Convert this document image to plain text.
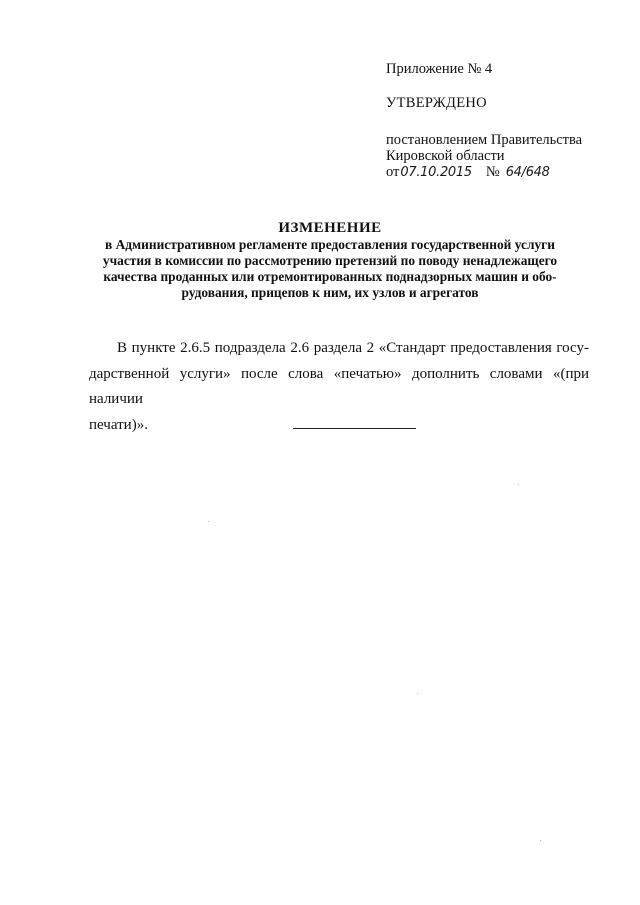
Приложение № 4
УТВЕРЖДЕНО
постановлением Правительства
Кировской области
от07.10.2015 № 64/648
ИЗМЕНЕНИЕ
в Административном регламенте предоставления государственной услуги
участия в комиссии по рассмотрению претензий по поводу ненадлежащего
качества проданных или отремонтированных поднадзорных машин и обо-
рудования, прицепов к ним, их узлов и агрегатов
В пункте 2.6.5 подраздела 2.6 раздела 2 «Стандарт предоставления госу-
дарственной услуги» после слова «печатью» дополнить словами «(при наличии
печати)».
